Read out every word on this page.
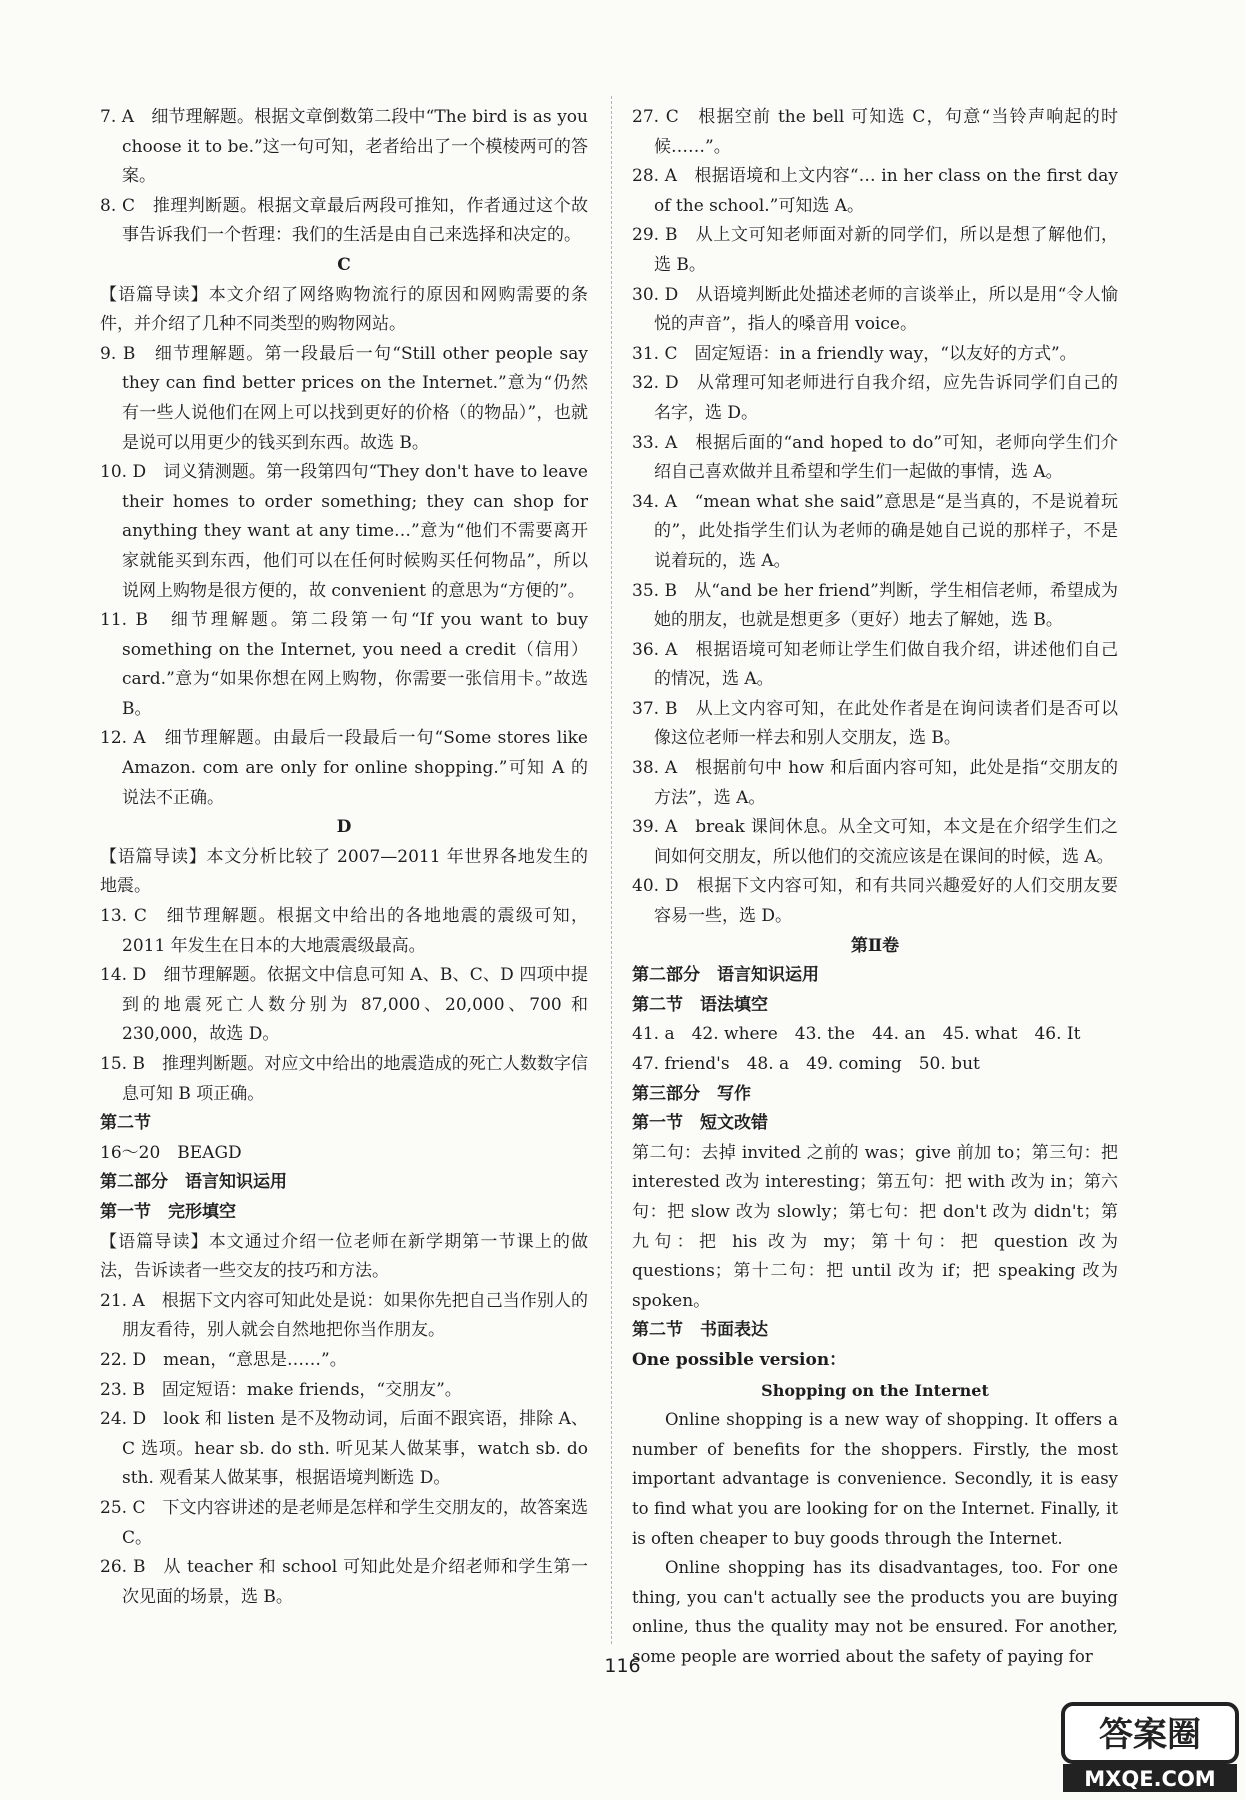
7. A　细节理解题。根据文章倒数第二段中“The bird is as you choose it to be.”这一句可知，老者给出了一个模棱两可的答案。
8. C　推理判断题。根据文章最后两段可推知，作者通过这个故事告诉我们一个哲理：我们的生活是由自己来选择和决定的。
C
【语篇导读】本文介绍了网络购物流行的原因和网购需要的条件，并介绍了几种不同类型的购物网站。
9. B　细节理解题。第一段最后一句“Still other people say they can find better prices on the Internet.”意为“仍然有一些人说他们在网上可以找到更好的价格（的物品）”，也就是说可以用更少的钱买到东西。故选 B。
10. D　词义猜测题。第一段第四句“They don't have to leave their homes to order something; they can shop for anything they want at any time…”意为“他们不需要离开家就能买到东西，他们可以在任何时候购买任何物品”，所以说网上购物是很方便的，故 convenient 的意思为“方便的”。
11. B　细节理解题。第二段第一句“If you want to buy something on the Internet, you need a credit（信用）card.”意为“如果你想在网上购物，你需要一张信用卡。”故选 B。
12. A　细节理解题。由最后一段最后一句“Some stores like Amazon. com are only for online shopping.”可知 A 的说法不正确。
D
【语篇导读】本文分析比较了 2007—2011 年世界各地发生的地震。
13. C　细节理解题。根据文中给出的各地地震的震级可知，2011 年发生在日本的大地震震级最高。
14. D　细节理解题。依据文中信息可知 A、B、C、D 四项中提到的地震死亡人数分别为 87,000、20,000、700 和 230,000，故选 D。
15. B　推理判断题。对应文中给出的地震造成的死亡人数数字信息可知 B 项正确。
第二节
16～20　BEAGD
第二部分　语言知识运用
第一节　完形填空
【语篇导读】本文通过介绍一位老师在新学期第一节课上的做法，告诉读者一些交友的技巧和方法。
21. A　根据下文内容可知此处是说：如果你先把自己当作别人的朋友看待，别人就会自然地把你当作朋友。
22. D　mean，“意思是……”。
23. B　固定短语：make friends，“交朋友”。
24. D　look 和 listen 是不及物动词，后面不跟宾语，排除 A、C 选项。hear sb. do sth. 听见某人做某事，watch sb. do sth. 观看某人做某事，根据语境判断选 D。
25. C　下文内容讲述的是老师是怎样和学生交朋友的，故答案选 C。
26. B　从 teacher 和 school 可知此处是介绍老师和学生第一次见面的场景，选 B。
27. C　根据空前 the bell 可知选 C，句意“当铃声响起的时候……”。
28. A　根据语境和上文内容“… in her class on the first day of the school.”可知选 A。
29. B　从上文可知老师面对新的同学们，所以是想了解他们，选 B。
30. D　从语境判断此处描述老师的言谈举止，所以是用“令人愉悦的声音”，指人的嗓音用 voice。
31. C　固定短语：in a friendly way，“以友好的方式”。
32. D　从常理可知老师进行自我介绍，应先告诉同学们自己的名字，选 D。
33. A　根据后面的“and hoped to do”可知，老师向学生们介绍自己喜欢做并且希望和学生们一起做的事情，选 A。
34. A　“mean what she said”意思是“是当真的，不是说着玩的”，此处指学生们认为老师的确是她自己说的那样子，不是说着玩的，选 A。
35. B　从“and be her friend”判断，学生相信老师，希望成为她的朋友，也就是想更多（更好）地去了解她，选 B。
36. A　根据语境可知老师让学生们做自我介绍，讲述他们自己的情况，选 A。
37. B　从上文内容可知，在此处作者是在询问读者们是否可以像这位老师一样去和别人交朋友，选 B。
38. A　根据前句中 how 和后面内容可知，此处是指“交朋友的方法”，选 A。
39. A　break 课间休息。从全文可知，本文是在介绍学生们之间如何交朋友，所以他们的交流应该是在课间的时候，选 A。
40. D　根据下文内容可知，和有共同兴趣爱好的人们交朋友要容易一些，选 D。
第Ⅱ卷
第二部分　语言知识运用
第二节　语法填空
41. a　42. where　43. the　44. an　45. what　46. It
47. friend's　48. a　49. coming　50. but
第三部分　写作
第一节　短文改错
第二句：去掉 invited 之前的 was；give 前加 to；第三句：把 interested 改为 interesting；第五句：把 with 改为 in；第六句：把 slow 改为 slowly；第七句：把 don't 改为 didn't；第九句：把 his 改为 my；第十句：把 question 改为 questions；第十二句：把 until 改为 if；把 speaking 改为 spoken。
第二节　书面表达
One possible version：
Shopping on the Internet
Online shopping is a new way of shopping. It offers a number of benefits for the shoppers. Firstly, the most important advantage is convenience. Secondly, it is easy to find what you are looking for on the Internet. Finally, it is often cheaper to buy goods through the Internet.
Online shopping has its disadvantages, too. For one thing, you can't actually see the products you are buying online, thus the quality may not be ensured. For another, some people are worried about the safety of paying for
116
答案圈
MXQE.COM
